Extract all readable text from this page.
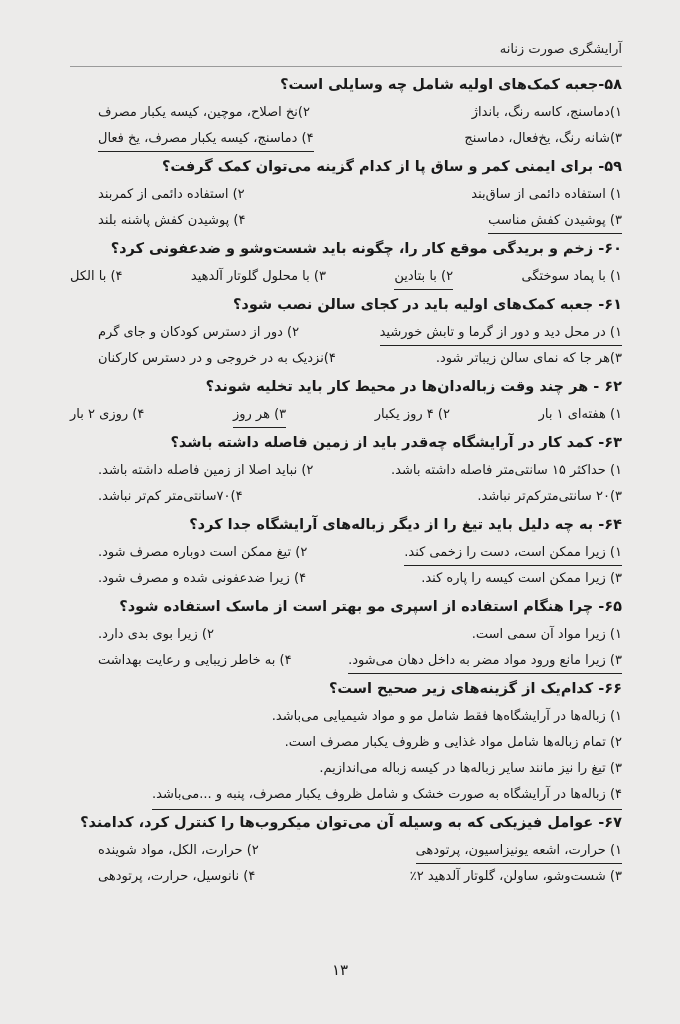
آرایشگری صورت زنانه
۵۸-جعبه کمک‌های اولیه شامل چه وسایلی است؟
۱)دماسنج، کاسه رنگ، باند‌اژ
۲)نخ اصلاح، موچین، کیسه یکبار مصرف
۳)شانه رنگ، یخ‌فعال، دماسنج
۴) دماسنج، کیسه یکبار مصرف، یخ فعال
۵۹- برای ایمنی کمر و ساق پا از کدام گزینه می‌توان کمک گرفت؟
۱) استفاده دائمی از ساق‌بند
۲) استفاده دائمی از کمربند
۳) پوشیدن کفش مناسب
۴) پوشیدن کفش پاشنه بلند
۶۰- زخم و بریدگی موقع کار را، چگونه باید شست‌وشو و ضدعفونی کرد؟
۱) با پماد سوختگی
۲) با بتادین
۳) با محلول گلوتار آلدهید
۴) با الکل
۶۱- جعبه کمک‌های اولیه باید در کجای سالن نصب شود؟
۱) در محل دید و دور از گرما و تابش خورشید
۲) دور از دسترس کودکان و جای گرم
۳)هر جا که نمای سالن زیباتر شود.
۴)نزدیک به در خروجی و در دسترس کارکنان
۶۲ - هر چند وقت زباله‌دان‌ها در محیط کار باید تخلیه شوند؟
۱) هفته‌ای ۱ بار
۲) ۴ روز یکبار
۳) هر روز
۴) روزی ۲ بار
۶۳- کمد کار در آرایشگاه چه‌قدر باید از زمین فاصله داشته باشد؟
۱) حداکثر ۱۵ سانتی‌متر فاصله داشته باشد.
۲) نباید اصلا از زمین فاصله داشته باشد.
۳)۲۰ سانتی‌مترکم‌تر نباشد.
۴)۷۰سانتی‌متر کم‌تر نباشد.
۶۴- به چه دلیل باید تیغ را از دیگر زباله‌های آرایشگاه جدا کرد؟
۱) زیرا ممکن است، دست را زخمی کند.
۲) تیغ ممکن است دوباره مصرف شود.
۳) زیرا ممکن است کیسه را پاره کند.
۴) زیرا ضدعفونی شده و مصرف شود.
۶۵- چرا هنگام استفاده از اسپری مو بهتر است از ماسک استفاده شود؟
۱) زیرا مواد آن سمی است.
۲) زیرا بوی بدی دارد.
۳) زیرا مانع ورود مواد مضر به داخل دهان می‌شود.
۴) به خاطر زیبایی و رعایت بهداشت
۶۶- کدام‌یک از گزینه‌های زیر صحیح است؟
۱) زباله‌ها در آرایشگاه‌ها فقط شامل مو و مواد شیمیایی می‌باشد.
۲) تمام زباله‌ها شامل مواد غذایی و ظروف یکبار مصرف است.
۳) تیغ را نیز مانند سایر زباله‌ها در کیسه زباله می‌اندازیم.
۴) زباله‌ها در آرایشگاه به صورت خشک و شامل ظروف یکبار مصرف، پنبه و ...می‌باشد.
۶۷- عوامل فیزیکی که به وسیله آن می‌توان میکروب‌ها را کنترل کرد، کدامند؟
۱) حرارت، اشعه یونیزاسیون، پرتودهی
۲) حرارت، الکل، مواد شوینده
۳) شست‌وشو، ساولن، گلوتار آلدهید ۲٪
۴) نانوسیل، حرارت، پرتودهی
۱۳
